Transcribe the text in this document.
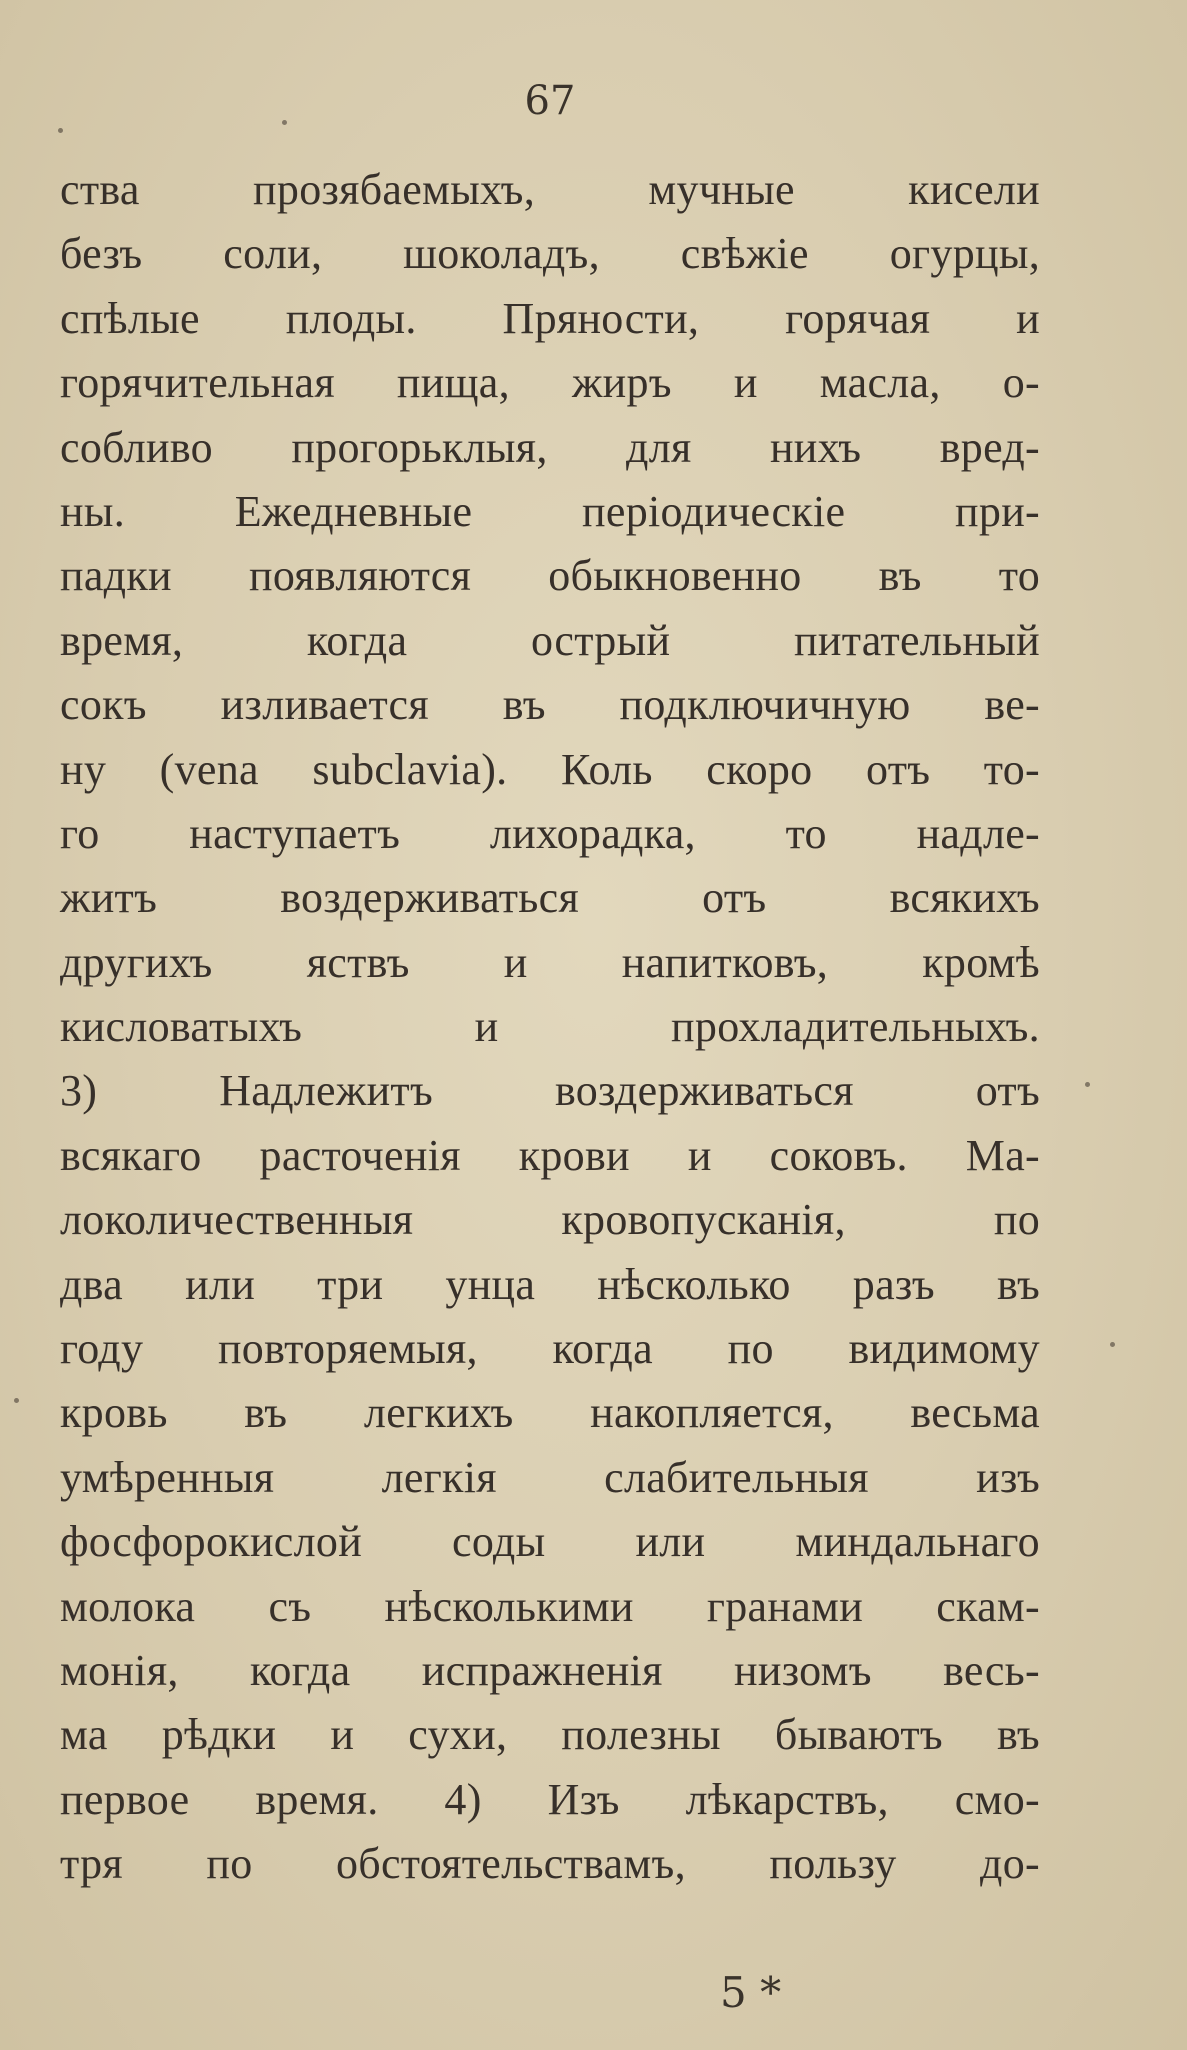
67
ства прозябаемыхъ, мучные кисели
безъ соли, шоколадъ, свѣжіе огурцы,
спѣлые плоды. Пряности, горячая и
горячительная пища, жиръ и масла, о-
собливо прогорьклыя, для нихъ вред-
ны. Ежедневные періодическіе при-
падки появляются обыкновенно въ то
время, когда острый питательный
сокъ изливается въ подключичную ве-
ну (vena subclavia). Коль скоро отъ то-
го наступаетъ лихорадка, то надле-
житъ воздерживаться отъ всякихъ
другихъ яствъ и напитковъ, кромѣ
кисловатыхъ и прохладительныхъ.
3) Надлежитъ воздерживаться отъ
всякаго расточенія крови и соковъ. Ма-
локоличественныя кровопусканія, по
два или три унца нѣсколько разъ въ
году повторяемыя, когда по видимому
кровь въ легкихъ накопляется, весьма
умѣренныя легкія слабительныя изъ
фосфорокислой соды или миндальнаго
молока съ нѣсколькими гранами скам-
монія, когда испражненія низомъ весь-
ма рѣдки и сухи, полезны бываютъ въ
первое время. 4) Изъ лѣкарствъ, смо-
тря по обстоятельствамъ, пользу до-
5 *
